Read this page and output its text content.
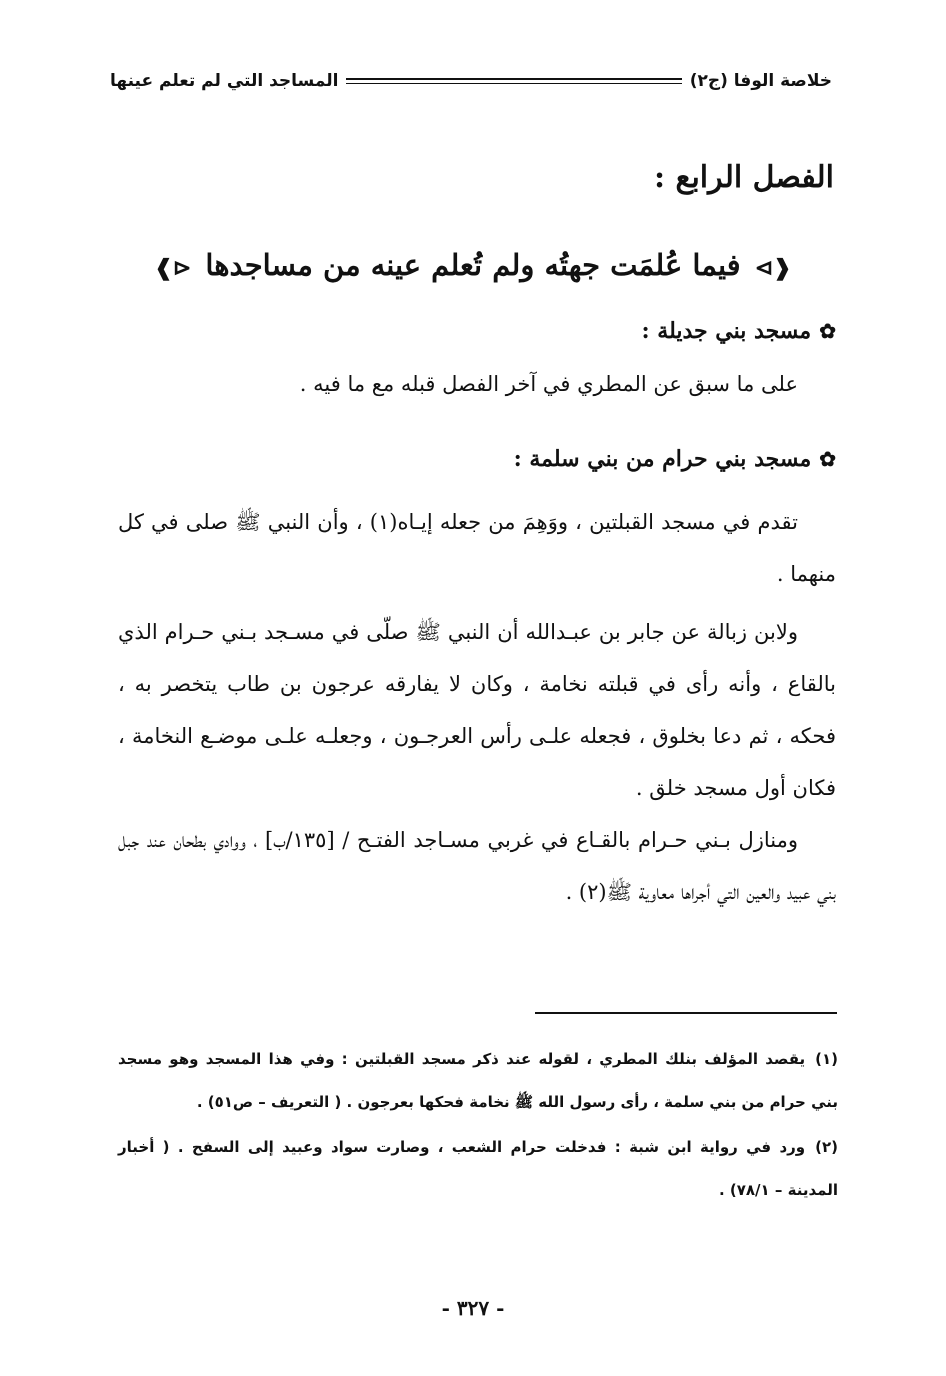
خلاصة الوفا (ج٢)
المساجد التي لم تعلم عينها
الفصل الرابع :
❰⊳ فيما عُلمَت جهتُه ولم تُعلم عينه من مساجدها ⊲❱
✿مسجد بني جديلة :
على ما سبق عن المطري في آخر الفصل قبله مع ما فيه .
✿مسجد بني حرام من بني سلمة :
تقدم في مسجد القبلتين ، ووَهِمَ من جعله إيـاه(١) ، وأن النبي ﷺ صلى في كل منهما .
ولابن زبالة عن جابر بن عبـدالله أن النبي ﷺ صلّى في مسـجد بـني حـرام الذي بالقاع ، وأنه رأى في قبلته نخامة ، وكان لا يفارقه عرجون بن طاب يتخصر به ، فحكه ، ثم دعا بخلوق ، فجعله علـى رأس العرجـون ، وجعلـه علـى موضـع النخامة ، فكان أول مسجد خلق .
ومنازل بـني حـرام بالقـاع في غربي مسـاجد الفتـح / [١٣٥/ب] ، ووادي بطحان عند جبل بني عبيد والعين التي أجراها معاوية ﷺ(٢) .
(١)يقصد المؤلف بنلك المطري ، لقوله عند ذكر مسجد القبلتين : وفي هذا المسجد وهو مسجد بني حرام من بني سلمة ، رأى رسول الله ﷺ نخامة فحكها بعرجون . ( التعريف – ص٥١) .
(٢)ورد في رواية ابن شبة : فدخلت حرام الشعب ، وصارت سواد وعبيد إلى السفح . ( أخبار المدينة – ٧٨/١) .
- ٣٢٧ -
